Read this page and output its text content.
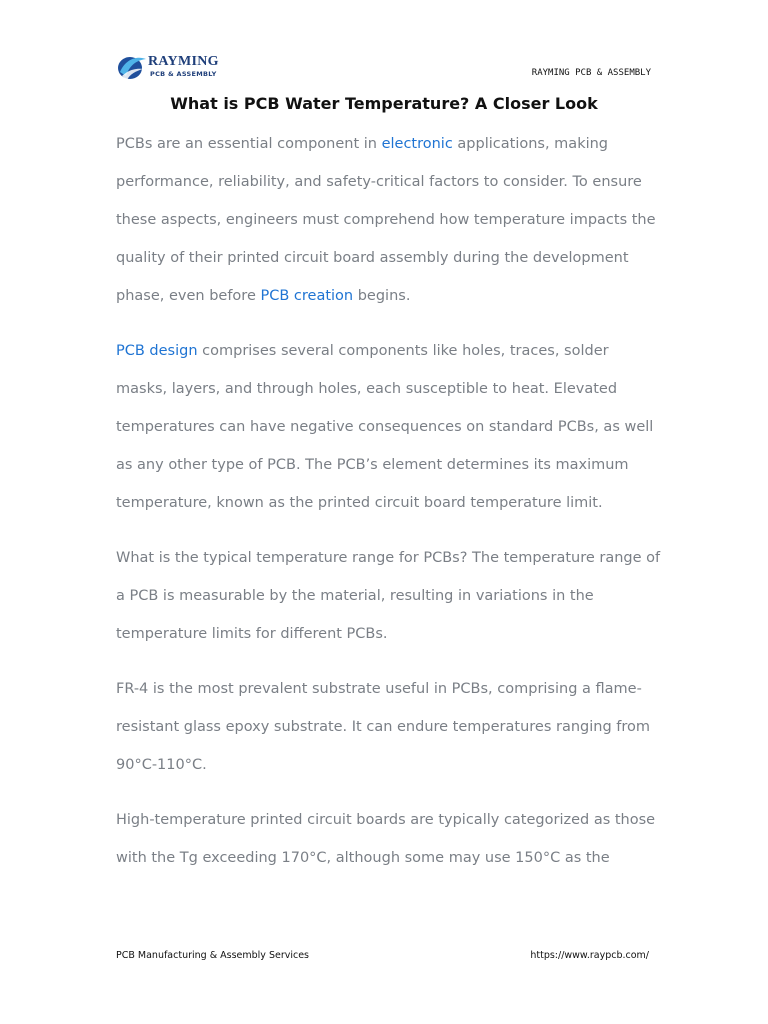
RAYMING
PCB & ASSEMBLY	RAYMING PCB & ASSEMBLY
What is PCB Water Temperature? A Closer Look

PCBs are an essential component in electronic applications, making performance, reliability, and safety-critical factors to consider. To ensure these aspects, engineers must comprehend how temperature impacts the quality of their printed circuit board assembly during the development phase, even before PCB creation begins.

PCB design comprises several components like holes, traces, solder masks, layers, and through holes, each susceptible to heat. Elevated temperatures can have negative consequences on standard PCBs, as well as any other type of PCB. The PCB’s element determines its maximum temperature, known as the printed circuit board temperature limit.

What is the typical temperature range for PCBs? The temperature range of a PCB is measurable by the material, resulting in variations in the temperature limits for different PCBs.

FR-4 is the most prevalent substrate useful in PCBs, comprising a flame-resistant glass epoxy substrate. It can endure temperatures ranging from 90°C-110°C.

High-temperature printed circuit boards are typically categorized as those with the Tg exceeding 170°C, although some may use 150°C as the

PCB Manufacturing & Assembly Services	https://www.raypcb.com/
